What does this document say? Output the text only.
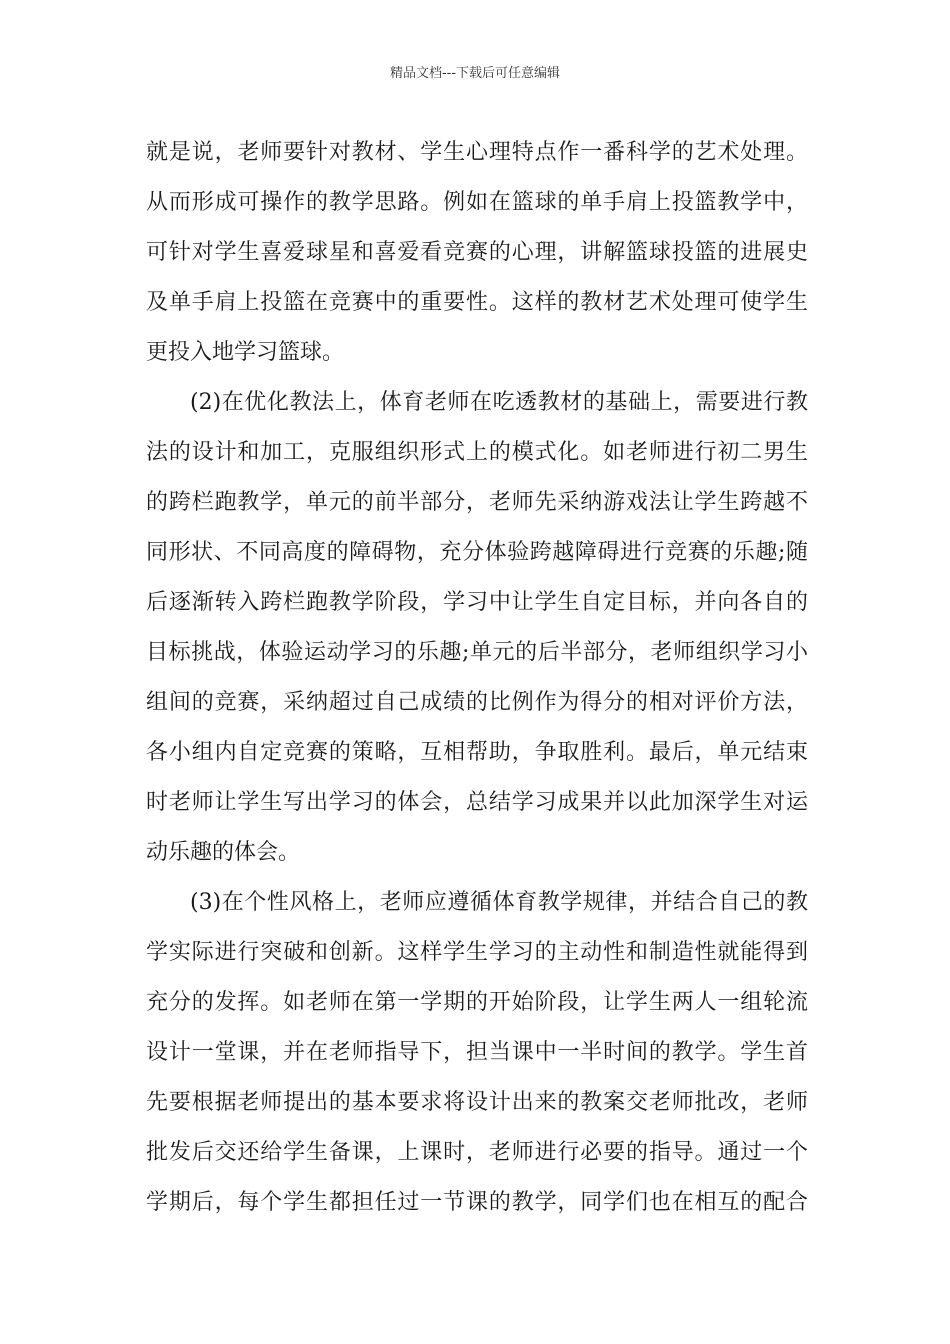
精品文档---下载后可任意编辑
就是说，老师要针对教材、学生心理特点作一番科学的艺术处理。
从而形成可操作的教学思路。例如在篮球的单手肩上投篮教学中，
可针对学生喜爱球星和喜爱看竞赛的心理，讲解篮球投篮的进展史
及单手肩上投篮在竞赛中的重要性。这样的教材艺术处理可使学生
更投入地学习篮球。
(2)在优化教法上，体育老师在吃透教材的基础上，需要进行教
法的设计和加工，克服组织形式上的模式化。如老师进行初二男生
的跨栏跑教学，单元的前半部分，老师先采纳游戏法让学生跨越不
同形状、不同高度的障碍物，充分体验跨越障碍进行竞赛的乐趣;随
后逐渐转入跨栏跑教学阶段，学习中让学生自定目标，并向各自的
目标挑战，体验运动学习的乐趣;单元的后半部分，老师组织学习小
组间的竞赛，采纳超过自己成绩的比例作为得分的相对评价方法，
各小组内自定竞赛的策略，互相帮助，争取胜利。最后，单元结束
时老师让学生写出学习的体会，总结学习成果并以此加深学生对运
动乐趣的体会。
(3)在个性风格上，老师应遵循体育教学规律，并结合自己的教
学实际进行突破和创新。这样学生学习的主动性和制造性就能得到
充分的发挥。如老师在第一学期的开始阶段，让学生两人一组轮流
设计一堂课，并在老师指导下，担当课中一半时间的教学。学生首
先要根据老师提出的基本要求将设计出来的教案交老师批改，老师
批发后交还给学生备课，上课时，老师进行必要的指导。通过一个
学期后，每个学生都担任过一节课的教学，同学们也在相互的配合
